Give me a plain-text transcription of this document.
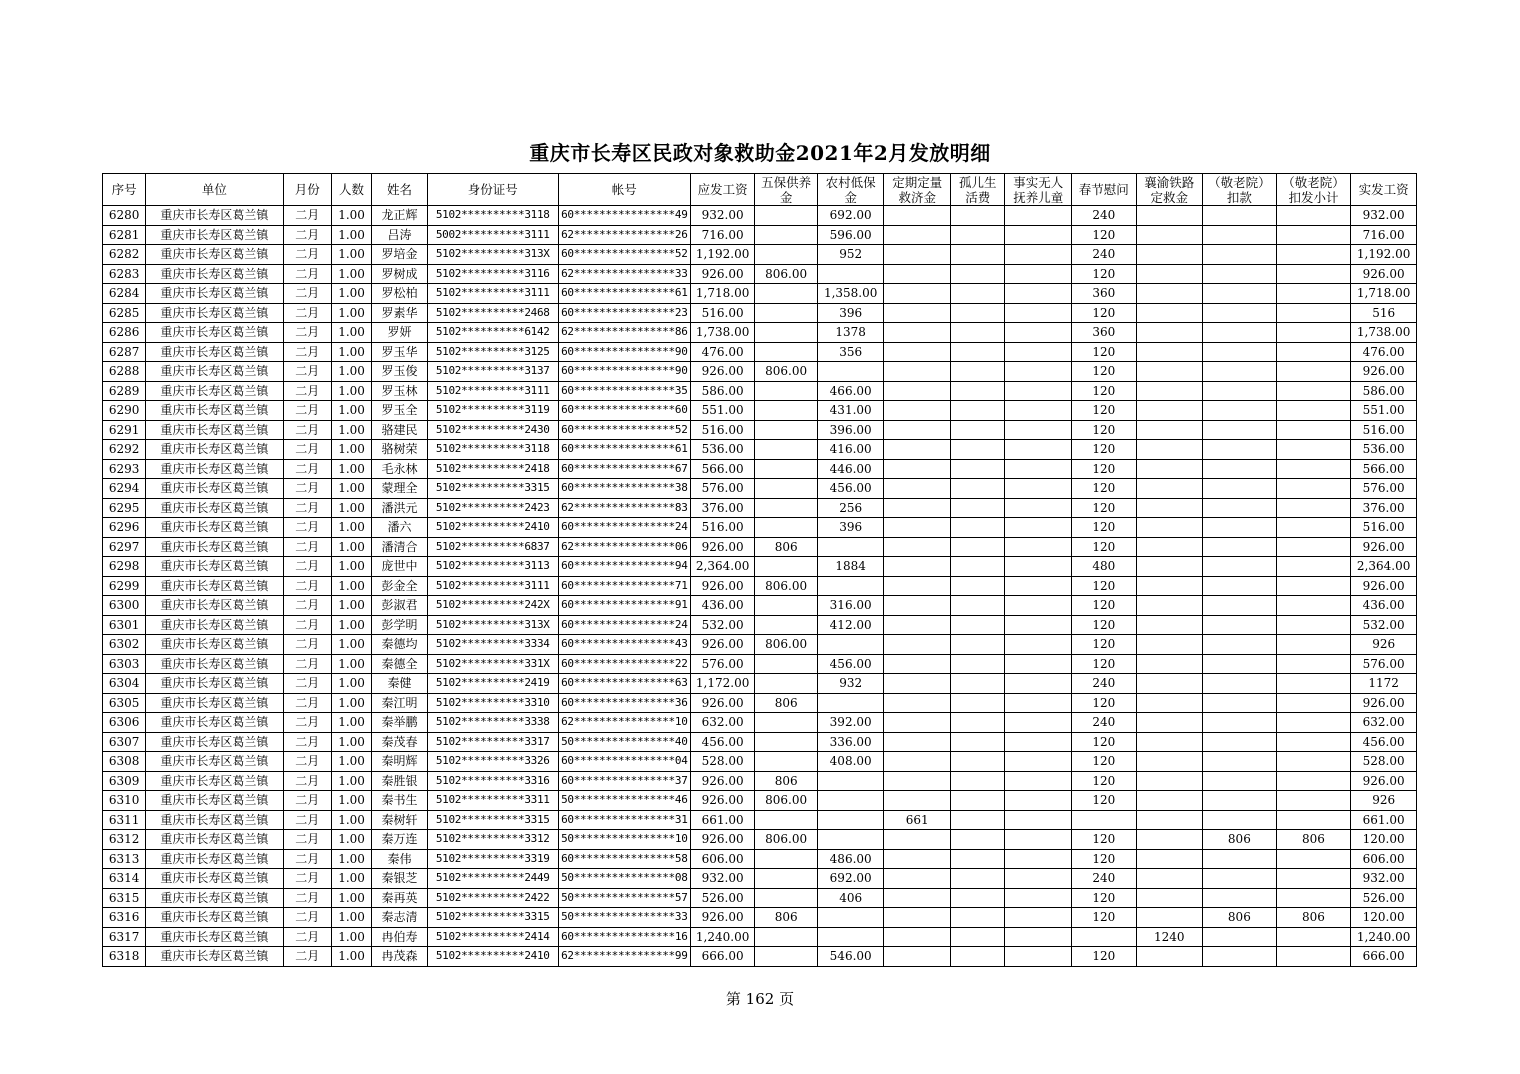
重庆市长寿区民政对象救助金2021年2月发放明细
序号	单位	月份	人数	姓名	身份证号	帐号	应发工资	五保供养金	农村低保金	定期定量救济金	孤儿生活费	事实无人抚养儿童	春节慰问	襄渝铁路定救金	（敬老院）扣款	（敬老院）扣发小计	实发工资
6280	重庆市长寿区葛兰镇	二月	1.00	龙正辉	5102**********3118	60****************49	932.00		692.00				240				932.00
6281	重庆市长寿区葛兰镇	二月	1.00	吕涛	5002**********3111	62****************26	716.00		596.00				120				716.00
6282	重庆市长寿区葛兰镇	二月	1.00	罗培金	5102**********313X	60****************52	1,192.00		952				240				1,192.00
6283	重庆市长寿区葛兰镇	二月	1.00	罗树成	5102**********3116	62****************33	926.00	806.00					120				926.00
6284	重庆市长寿区葛兰镇	二月	1.00	罗松柏	5102**********3111	60****************61	1,718.00		1,358.00				360				1,718.00
6285	重庆市长寿区葛兰镇	二月	1.00	罗素华	5102**********2468	60****************23	516.00		396				120				516
6286	重庆市长寿区葛兰镇	二月	1.00	罗妍	5102**********6142	62****************86	1,738.00		1378				360				1,738.00
6287	重庆市长寿区葛兰镇	二月	1.00	罗玉华	5102**********3125	60****************90	476.00		356				120				476.00
6288	重庆市长寿区葛兰镇	二月	1.00	罗玉俊	5102**********3137	60****************90	926.00	806.00					120				926.00
6289	重庆市长寿区葛兰镇	二月	1.00	罗玉林	5102**********3111	60****************35	586.00		466.00				120				586.00
6290	重庆市长寿区葛兰镇	二月	1.00	罗玉全	5102**********3119	60****************60	551.00		431.00				120				551.00
6291	重庆市长寿区葛兰镇	二月	1.00	骆建民	5102**********2430	60****************52	516.00		396.00				120				516.00
6292	重庆市长寿区葛兰镇	二月	1.00	骆树荣	5102**********3118	60****************61	536.00		416.00				120				536.00
6293	重庆市长寿区葛兰镇	二月	1.00	毛永林	5102**********2418	60****************67	566.00		446.00				120				566.00
6294	重庆市长寿区葛兰镇	二月	1.00	蒙理全	5102**********3315	60****************38	576.00		456.00				120				576.00
6295	重庆市长寿区葛兰镇	二月	1.00	潘洪元	5102**********2423	62****************83	376.00		256				120				376.00
6296	重庆市长寿区葛兰镇	二月	1.00	潘六	5102**********2410	60****************24	516.00		396				120				516.00
6297	重庆市长寿区葛兰镇	二月	1.00	潘清合	5102**********6837	62****************06	926.00	806					120				926.00
6298	重庆市长寿区葛兰镇	二月	1.00	庞世中	5102**********3113	60****************94	2,364.00		1884				480				2,364.00
6299	重庆市长寿区葛兰镇	二月	1.00	彭金全	5102**********3111	60****************71	926.00	806.00					120				926.00
6300	重庆市长寿区葛兰镇	二月	1.00	彭淑君	5102**********242X	60****************91	436.00		316.00				120				436.00
6301	重庆市长寿区葛兰镇	二月	1.00	彭学明	5102**********313X	60****************24	532.00		412.00				120				532.00
6302	重庆市长寿区葛兰镇	二月	1.00	秦德均	5102**********3334	60****************43	926.00	806.00					120				926
6303	重庆市长寿区葛兰镇	二月	1.00	秦德全	5102**********331X	60****************22	576.00		456.00				120				576.00
6304	重庆市长寿区葛兰镇	二月	1.00	秦健	5102**********2419	60****************63	1,172.00		932				240				1172
6305	重庆市长寿区葛兰镇	二月	1.00	秦江明	5102**********3310	60****************36	926.00	806					120				926.00
6306	重庆市长寿区葛兰镇	二月	1.00	秦举鹏	5102**********3338	62****************10	632.00		392.00				240				632.00
6307	重庆市长寿区葛兰镇	二月	1.00	秦茂春	5102**********3317	50****************40	456.00		336.00				120				456.00
6308	重庆市长寿区葛兰镇	二月	1.00	秦明辉	5102**********3326	60****************04	528.00		408.00				120				528.00
6309	重庆市长寿区葛兰镇	二月	1.00	秦胜银	5102**********3316	60****************37	926.00	806					120				926.00
6310	重庆市长寿区葛兰镇	二月	1.00	秦书生	5102**********3311	50****************46	926.00	806.00					120				926
6311	重庆市长寿区葛兰镇	二月	1.00	秦树轩	5102**********3315	60****************31	661.00			661							661.00
6312	重庆市长寿区葛兰镇	二月	1.00	秦万连	5102**********3312	50****************10	926.00	806.00					120		806	806	120.00
6313	重庆市长寿区葛兰镇	二月	1.00	秦伟	5102**********3319	60****************58	606.00		486.00				120				606.00
6314	重庆市长寿区葛兰镇	二月	1.00	秦银芝	5102**********2449	50****************08	932.00		692.00				240				932.00
6315	重庆市长寿区葛兰镇	二月	1.00	秦再英	5102**********2422	50****************57	526.00		406				120				526.00
6316	重庆市长寿区葛兰镇	二月	1.00	秦志清	5102**********3315	50****************33	926.00	806					120		806	806	120.00
6317	重庆市长寿区葛兰镇	二月	1.00	冉伯寿	5102**********2414	60****************16	1,240.00							1240			1,240.00
6318	重庆市长寿区葛兰镇	二月	1.00	冉茂森	5102**********2410	62****************99	666.00		546.00				120				666.00
第 162 页
